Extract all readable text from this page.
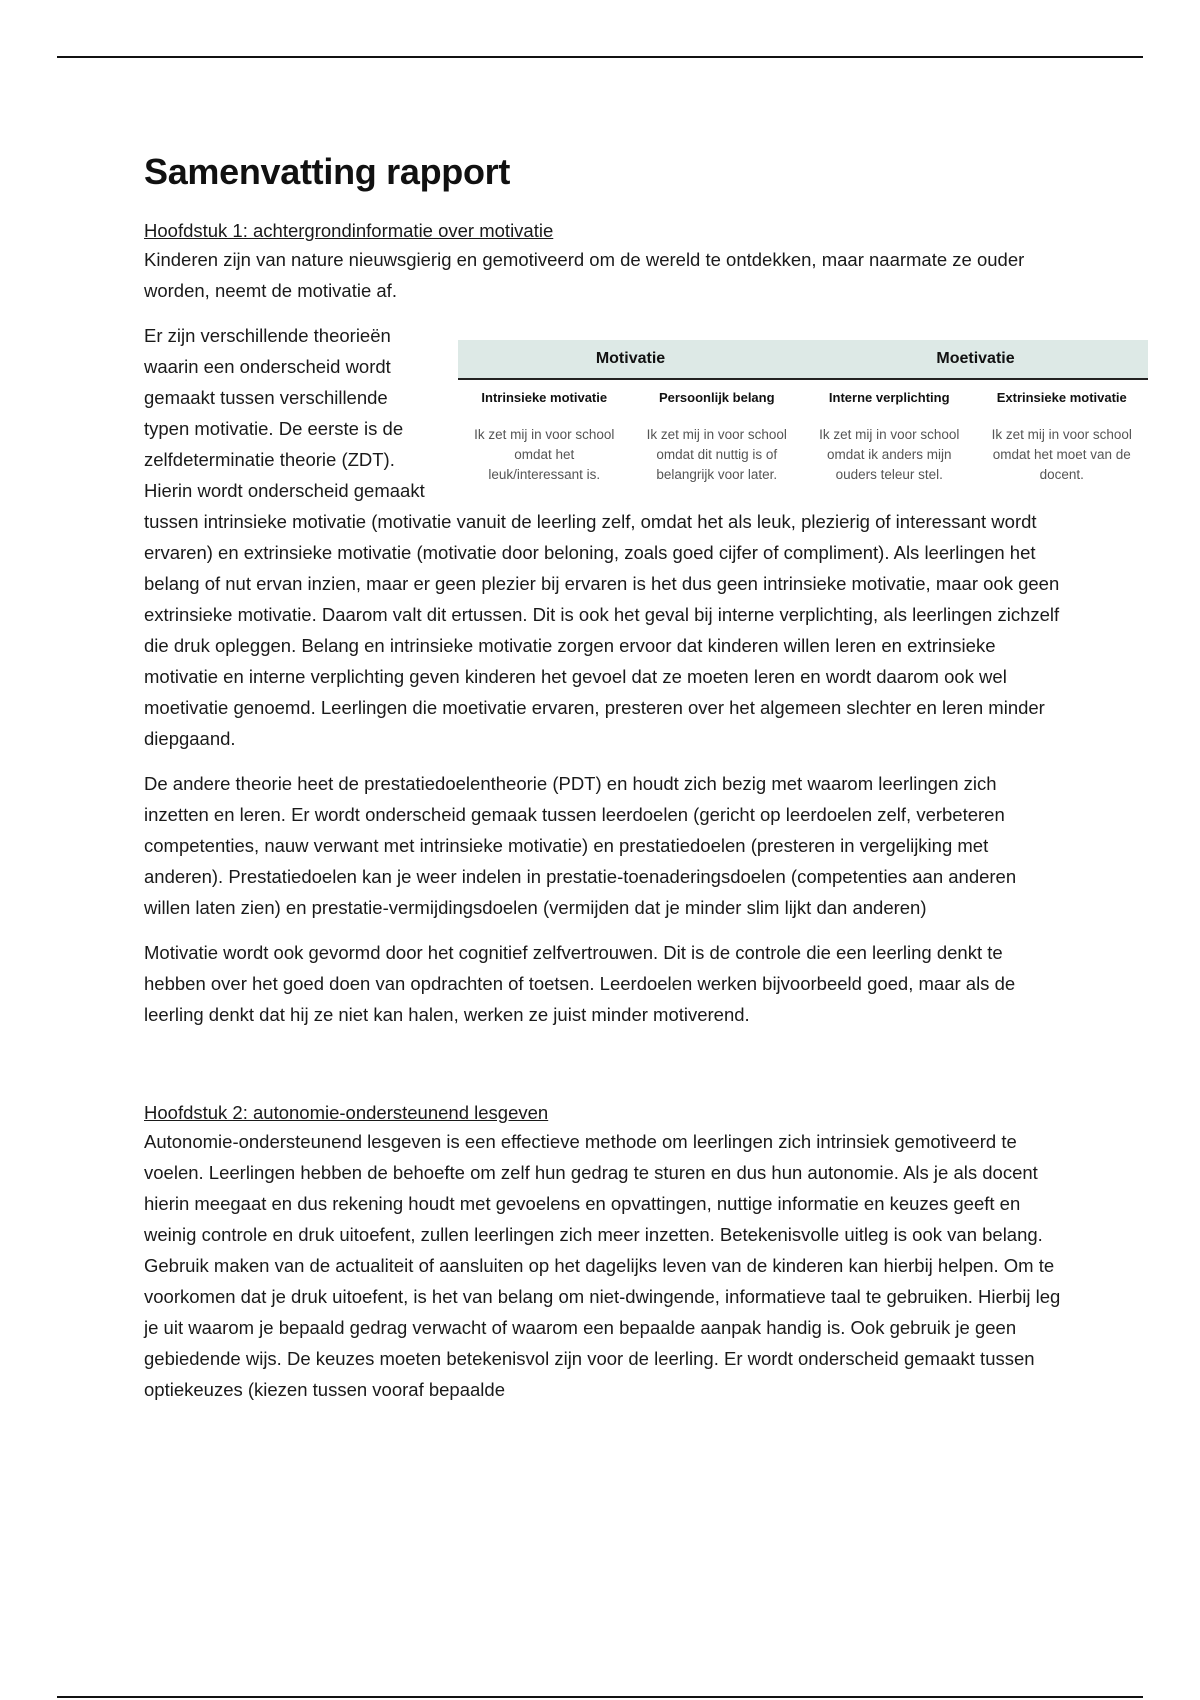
Samenvatting rapport
Hoofdstuk 1: achtergrondinformatie over motivatie

Kinderen zijn van nature nieuwsgierig en gemotiveerd om de wereld te ontdekken, maar naarmate ze ouder worden, neemt de motivatie af.

Motivatie	Moetivatie
Intrinsieke motivatie
Ik zet mij in voor school omdat het leuk/interessant is.
Persoonlijk belang
Ik zet mij in voor school omdat dit nuttig is of belangrijk voor later.
Interne verplichting
Ik zet mij in voor school omdat ik anders mijn ouders teleur stel.
Extrinsieke motivatie
Ik zet mij in voor school omdat het moet van de docent.

Er zijn verschillende theorieën waarin een onderscheid wordt gemaakt tussen verschillende typen motivatie. De eerste is de zelfdeterminatie theorie (ZDT). Hierin wordt onderscheid gemaakt tussen intrinsieke motivatie (motivatie vanuit de leerling zelf, omdat het als leuk, plezierig of interessant wordt ervaren) en extrinsieke motivatie (motivatie door beloning, zoals goed cijfer of compliment). Als leerlingen het belang of nut ervan inzien, maar er geen plezier bij ervaren is het dus geen intrinsieke motivatie, maar ook geen extrinsieke motivatie. Daarom valt dit ertussen. Dit is ook het geval bij interne verplichting, als leerlingen zichzelf die druk opleggen. Belang en intrinsieke motivatie zorgen ervoor dat kinderen willen leren en extrinsieke motivatie en interne verplichting geven kinderen het gevoel dat ze moeten leren en wordt daarom ook wel moetivatie genoemd. Leerlingen die moetivatie ervaren, presteren over het algemeen slechter en leren minder diepgaand.

De andere theorie heet de prestatiedoelentheorie (PDT) en houdt zich bezig met waarom leerlingen zich inzetten en leren. Er wordt onderscheid gemaak tussen leerdoelen (gericht op leerdoelen zelf, verbeteren competenties, nauw verwant met intrinsieke motivatie) en prestatiedoelen (presteren in vergelijking met anderen). Prestatiedoelen kan je weer indelen in prestatie-toenaderingsdoelen (competenties aan anderen willen laten zien) en prestatie-vermijdingsdoelen (vermijden dat je minder slim lijkt dan anderen)

Motivatie wordt ook gevormd door het cognitief zelfvertrouwen. Dit is de controle die een leerling denkt te hebben over het goed doen van opdrachten of toetsen. Leerdoelen werken bijvoorbeeld goed, maar als de leerling denkt dat hij ze niet kan halen, werken ze juist minder motiverend.

Hoofdstuk 2: autonomie-ondersteunend lesgeven

Autonomie-ondersteunend lesgeven is een effectieve methode om leerlingen zich intrinsiek gemotiveerd te voelen. Leerlingen hebben de behoefte om zelf hun gedrag te sturen en dus hun autonomie. Als je als docent hierin meegaat en dus rekening houdt met gevoelens en opvattingen, nuttige informatie en keuzes geeft en weinig controle en druk uitoefent, zullen leerlingen zich meer inzetten. Betekenisvolle uitleg is ook van belang. Gebruik maken van de actualiteit of aansluiten op het dagelijks leven van de kinderen kan hierbij helpen. Om te voorkomen dat je druk uitoefent, is het van belang om niet-dwingende, informatieve taal te gebruiken. Hierbij leg je uit waarom je bepaald gedrag verwacht of waarom een bepaalde aanpak handig is. Ook gebruik je geen gebiedende wijs. De keuzes moeten betekenisvol zijn voor de leerling. Er wordt onderscheid gemaakt tussen optiekeuzes (kiezen tussen vooraf bepaalde
